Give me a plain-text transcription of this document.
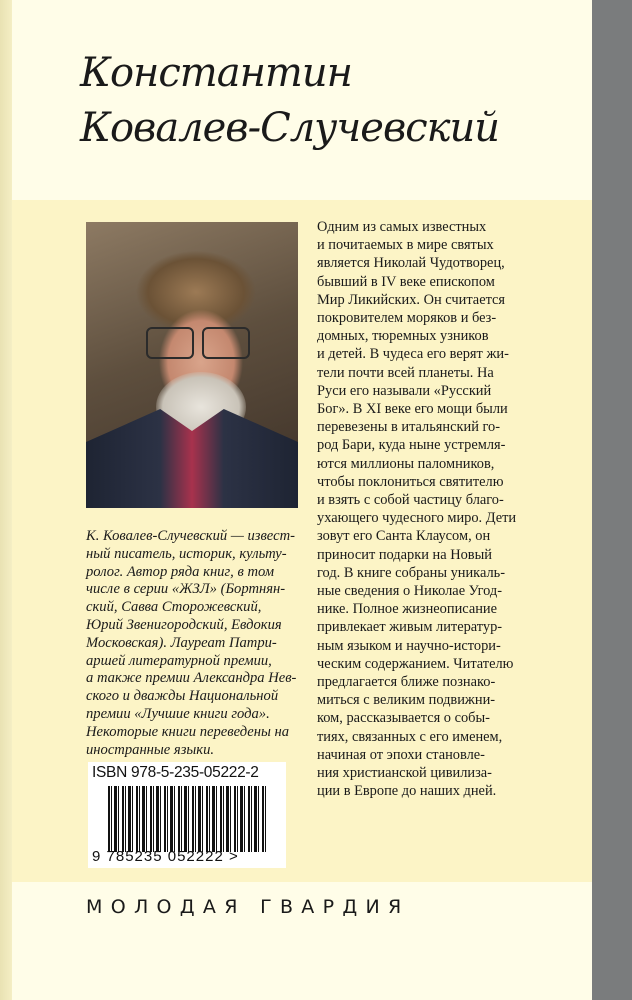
Константин
Ковалев-Случевский
Одним из самых известных
и почитаемых в мире святых
является Николай Чудотворец,
бывший в IV веке епископом
Мир Ликийских. Он считается
покровителем моряков и без-
домных, тюремных узников
и детей. В чудеса его верят жи-
тели почти всей планеты. На
Руси его называли «Русский
Бог». В XI веке его мощи были
перевезены в итальянский го-
род Бари, куда ныне устремля-
ются миллионы паломников,
чтобы поклониться святителю
и взять с собой частицу благо-
ухающего чудесного миро. Дети
зовут его Санта Клаусом, он
приносит подарки на Новый
год. В книге собраны уникаль-
ные сведения о Николае Угод-
нике. Полное жизнеописание
привлекает живым литератур-
ным языком и научно-истори-
ческим содержанием. Читателю
предлагается ближе познако-
миться с великим подвижни-
ком, рассказывается о собы-
тиях, связанных с его именем,
начиная от эпохи становле-
ния христианской цивилиза-
ции в Европе до наших дней.
К. Ковалев-Случевский — извест-
ный писатель, историк, культу-
ролог. Автор ряда книг, в том
числе в серии «ЖЗЛ» (Бортнян-
ский, Савва Сторожевский,
Юрий Звенигородский, Евдокия
Московская). Лауреат Патри-
аршей литературной премии,
а также премии Александра Нев-
ского и дважды Национальной
премии «Лучшие книги года».
Некоторые книги переведены на
иностранные языки.
ISBN 978-5-235-05222-2
9 785235 052222 >
МОЛОДАЯ ГВАРДИЯ
